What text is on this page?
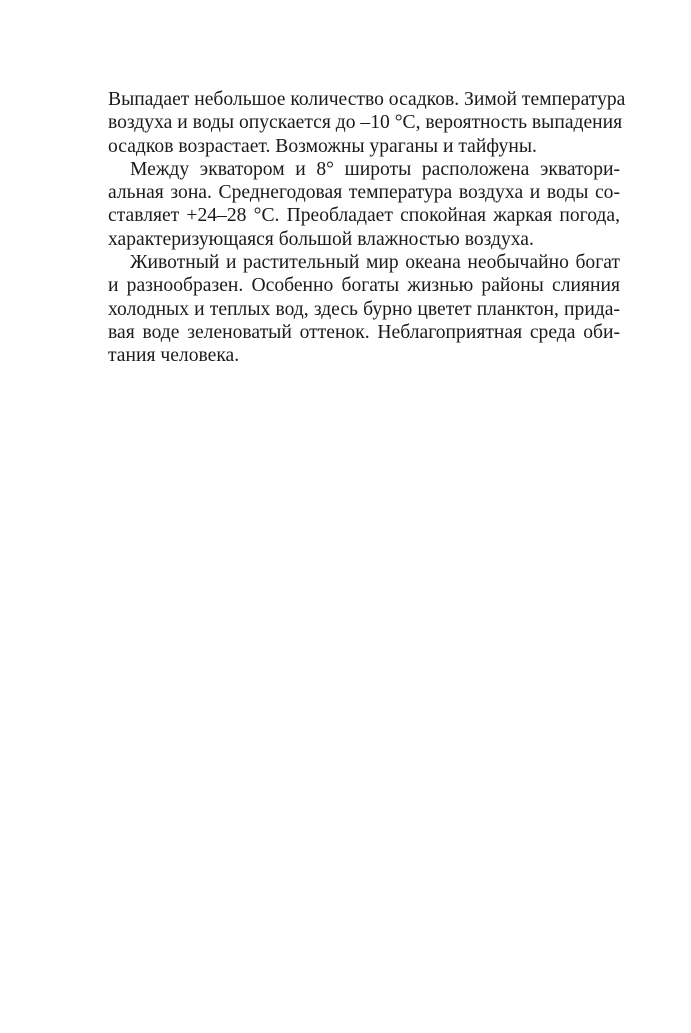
Выпадает небольшое количество осадков. Зимой температура
воздуха и воды опускается до –10 °C, вероятность выпадения
осадков возрастает. Возможны ураганы и тайфуны.

Между экватором и 8° широты расположена экватори-
альная зона. Среднегодовая температура воздуха и воды со-
ставляет +24–28 °C. Преобладает спокойная жаркая погода,
характеризующаяся большой влажностью воздуха.

Животный и растительный мир океана необычайно богат
и разнообразен. Особенно богаты жизнью районы слияния
холодных и теплых вод, здесь бурно цветет планктон, прида-
вая воде зеленоватый оттенок. Неблагоприятная среда оби-
тания человека.
